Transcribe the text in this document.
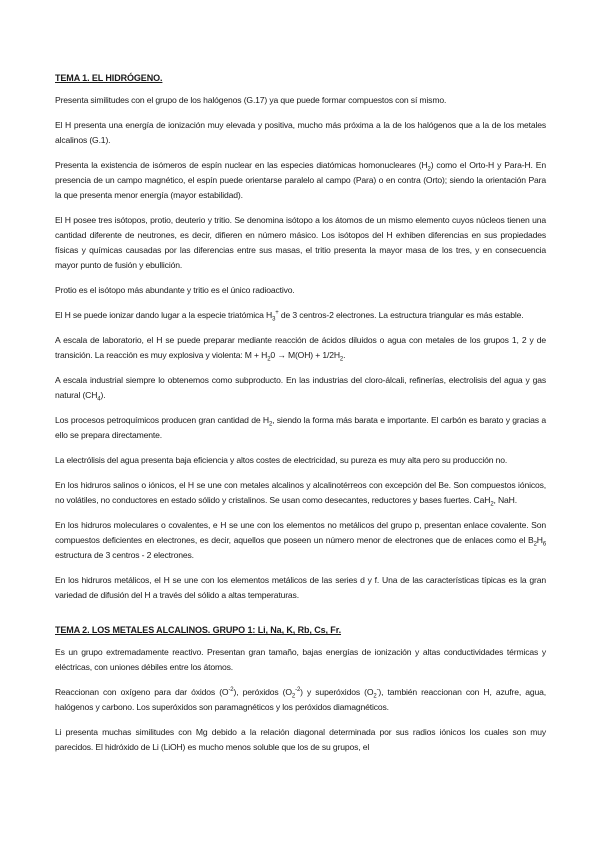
TEMA 1. EL HIDRÓGENO.

Presenta similitudes con el grupo de los halógenos (G.17) ya que puede formar compuestos con sí mismo.

El H presenta una energía de ionización muy elevada y positiva, mucho más próxima a la de los halógenos que a la de los metales alcalinos (G.1).

Presenta la existencia de isómeros de espín nuclear en las especies diatómicas homonucleares $(H_2)$ como el Orto-H y Para-H. En presencia de un campo magnético, el espín puede orientarse paralelo al campo (Para) o en contra (Orto); siendo la orientación Para la que presenta menor energía (mayor estabilidad).

El H posee tres isótopos, protio, deuterio y tritio. Se denomina isótopo a los átomos de un mismo elemento cuyos núcleos tienen una cantidad diferente de neutrones, es decir, difieren en número másico. Los isótopos del H exhiben diferencias en sus propiedades físicas y químicas causadas por las diferencias entre sus masas, el tritio presenta la mayor masa de los tres, y en consecuencia mayor punto de fusión y ebullición.

Protio es el isótopo más abundante y tritio es el único radioactivo.

El H se puede ionizar dando lugar a la especie triatómica $H_3^+$ de 3 centros-2 electrones. La estructura triangular es más estable.

A escala de laboratorio, el H se puede preparar mediante reacción de ácidos diluidos o agua con metales de los grupos 1, 2 y de transición. La reacción es muy explosiva y violenta: $M + H_20 \to M(OH) + 1/2H_2$.

A escala industrial siempre lo obtenemos como subproducto. En las industrias del cloro-álcali, refinerías, electrolisis del agua y gas natural $(CH_4)$.

Los procesos petroquímicos producen gran cantidad de $H_2$, siendo la forma más barata e importante. El carbón es barato y gracias a ello se prepara directamente.

La electrólisis del agua presenta baja eficiencia y altos costes de electricidad, su pureza es muy alta pero su producción no.

En los hidruros salinos o iónicos, el H se une con metales alcalinos y alcalinotérreos con excepción del Be. Son compuestos iónicos, no volátiles, no conductores en estado sólido y cristalinos. Se usan como desecantes, reductores y bases fuertes. CaH$_2$, NaH.

En los hidruros moleculares o covalentes, e H se une con los elementos no metálicos del grupo p, presentan enlace covalente. Son compuestos deficientes en electrones, es decir, aquellos que poseen un número menor de electrones que de enlaces como el $B_2H_6$ estructura de 3 centros - 2 electrones.

En los hidruros metálicos, el H se une con los elementos metálicos de las series d y f. Una de las características típicas es la gran variedad de difusión del H a través del sólido a altas temperaturas.

TEMA 2. LOS METALES ALCALINOS. GRUPO 1: Li, Na, K, Rb, Cs, Fr.

Es un grupo extremadamente reactivo. Presentan gran tamaño, bajas energías de ionización y altas conductividades térmicas y eléctricas, con uniones débiles entre los átomos.

Reaccionan con oxígeno para dar óxidos $(O^{-2})$, peróxidos $(O_2^{-2})$ y superóxidos $(O_2^-)$, también reaccionan con H, azufre, agua, halógenos y carbono. Los superóxidos son paramagnéticos y los peróxidos diamagnéticos.

Li presenta muchas similitudes con Mg debido a la relación diagonal determinada por sus radios iónicos los cuales son muy parecidos. El hidróxido de Li (LiOH) es mucho menos soluble que los de su grupos, el
